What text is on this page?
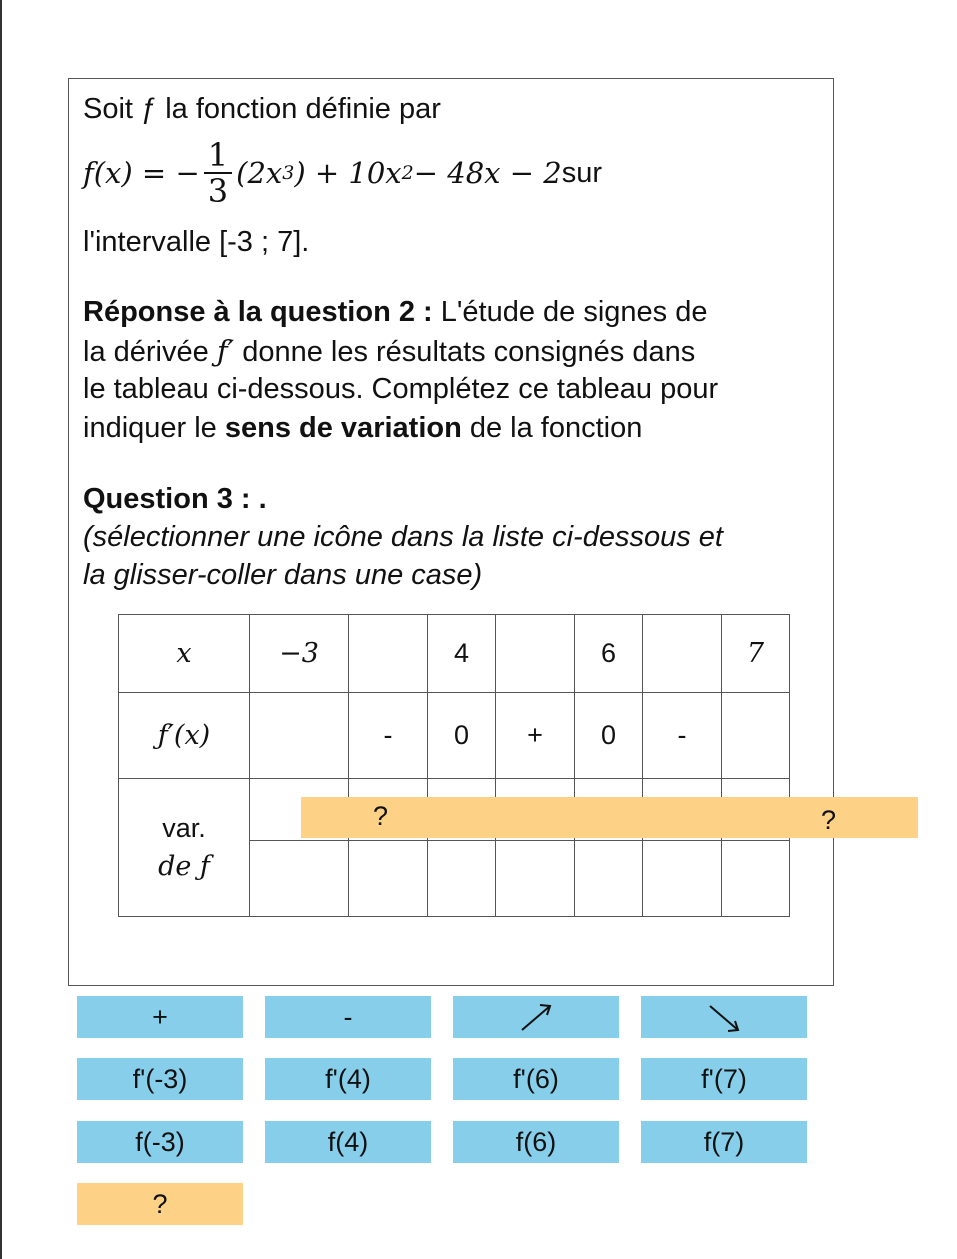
Soit ƒ la fonction définie par
f(x) = − $\frac{1}{3} (2x$ 3 ) + 10x 2 − 48x − 2 sur
l'intervalle [-3 ; 7].
Réponse à la question 2 : L'étude de signes de
la dérivée ƒ′ donne les résultats consignés dans
le tableau ci-dessous. Complétez ce tableau pour
indiquer le sens de variation de la fonction
Question 3 : .
(sélectionner une icône dans la liste ci-dessous et
la glisser-coller dans une case)
x	−3		4		6		7
ƒ′(x)		-	0	+	0	-	
var.
de ƒ							

?	?
+	-
f'(-3)	f'(4)	f'(6)	f'(7)
f(-3)	f(4)	f(6)	f(7)
?
